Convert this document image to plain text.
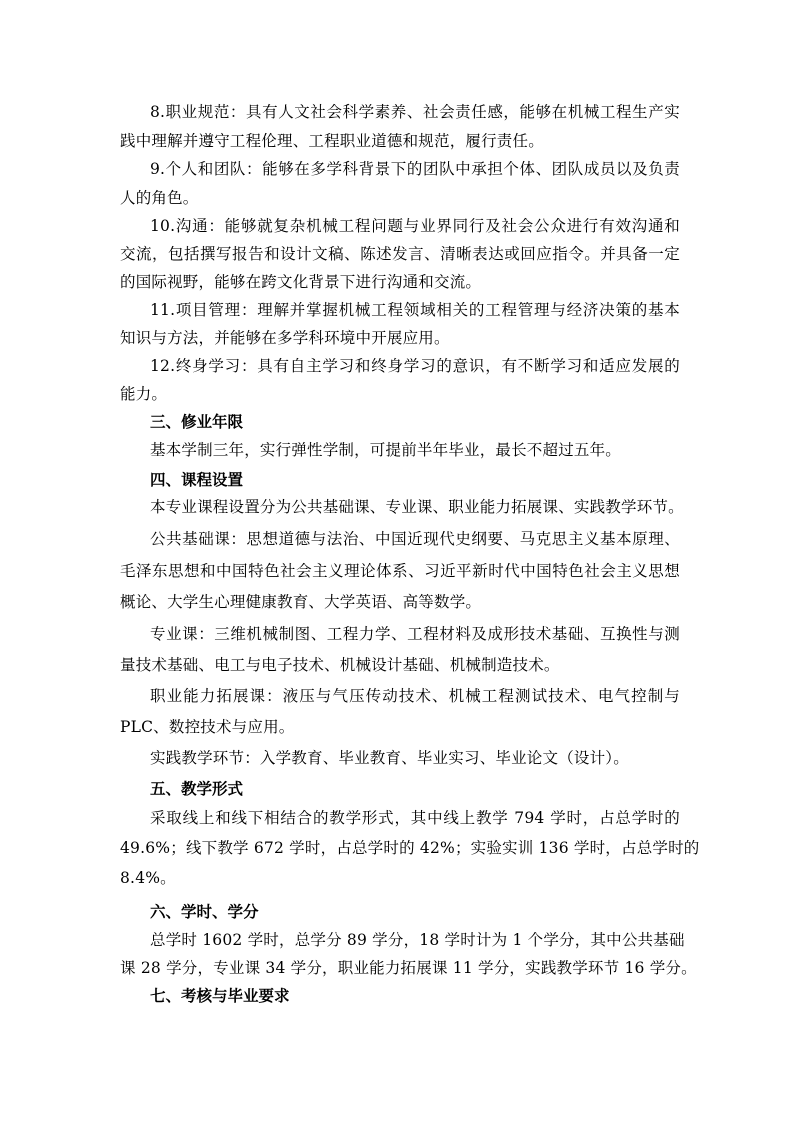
8.职业规范：具有人文社会科学素养、社会责任感，能够在机械工程生产实
践中理解并遵守工程伦理、工程职业道德和规范，履行责任。
9.个人和团队：能够在多学科背景下的团队中承担个体、团队成员以及负责
人的角色。
10.沟通：能够就复杂机械工程问题与业界同行及社会公众进行有效沟通和
交流，包括撰写报告和设计文稿、陈述发言、清晰表达或回应指令。并具备一定
的国际视野，能够在跨文化背景下进行沟通和交流。
11.项目管理：理解并掌握机械工程领域相关的工程管理与经济决策的基本
知识与方法，并能够在多学科环境中开展应用。
12.终身学习：具有自主学习和终身学习的意识，有不断学习和适应发展的
能力。
三、修业年限
基本学制三年，实行弹性学制，可提前半年毕业，最长不超过五年。
四、课程设置
本专业课程设置分为公共基础课、专业课、职业能力拓展课、实践教学环节。
公共基础课：思想道德与法治、中国近现代史纲要、马克思主义基本原理、
毛泽东思想和中国特色社会主义理论体系、习近平新时代中国特色社会主义思想
概论、大学生心理健康教育、大学英语、高等数学。
专业课：三维机械制图、工程力学、工程材料及成形技术基础、互换性与测
量技术基础、电工与电子技术、机械设计基础、机械制造技术。
职业能力拓展课：液压与气压传动技术、机械工程测试技术、电气控制与
PLC、数控技术与应用。
实践教学环节：入学教育、毕业教育、毕业实习、毕业论文（设计）。
五、教学形式
采取线上和线下相结合的教学形式，其中线上教学 794 学时，占总学时的
49.6%；线下教学 672 学时，占总学时的 42%；实验实训 136 学时，占总学时的
8.4%。
六、学时、学分
总学时 1602 学时，总学分 89 学分，18 学时计为 1 个学分，其中公共基础
课 28 学分，专业课 34 学分，职业能力拓展课 11 学分，实践教学环节 16 学分。
七、考核与毕业要求
